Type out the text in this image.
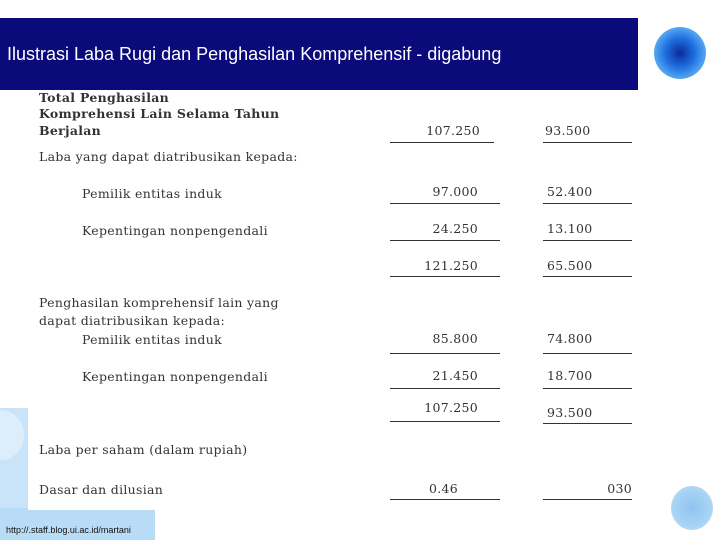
Ilustrasi Laba Rugi dan Penghasilan Komprehensif - digabung
Total Penghasilan
Komprehensi Lain Selama Tahun
Berjalan	107.250	93.500
Laba yang dapat diatribusikan kepada:
Pemilik entitas induk	97.000	52.400
Kepentingan nonpengendali	24.250	13.100
121.250	65.500
Penghasilan komprehensif lain yang
dapat diatribusikan kepada:
Pemilik entitas induk	85.800	74.800
Kepentingan nonpengendali	21.450	18.700
107.250	93.500
Laba per saham (dalam rupiah)
Dasar dan dilusian	0.46	030
http://.staff.blog.ui.ac.id/martani
